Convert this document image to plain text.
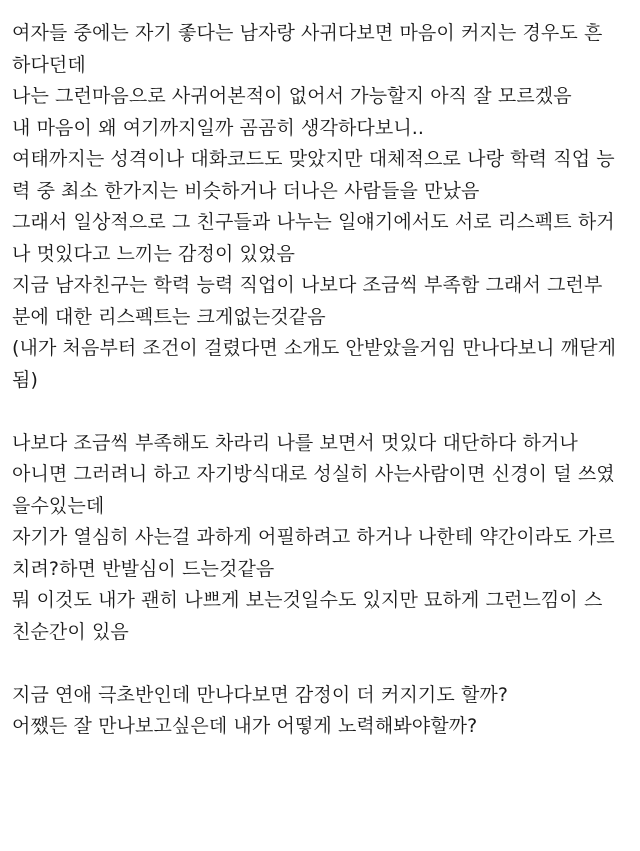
여자들 중에는 자기 좋다는 남자랑 사귀다보면 마음이 커지는 경우도 흔
하다던데
나는 그런마음으로 사귀어본적이 없어서 가능할지 아직 잘 모르겠음
내 마음이 왜 여기까지일까 곰곰히 생각하다보니..
여태까지는 성격이나 대화코드도 맞았지만 대체적으로 나랑 학력 직업 능
력 중 최소 한가지는 비슷하거나 더나은 사람들을 만났음
그래서 일상적으로 그 친구들과 나누는 일얘기에서도 서로 리스펙트 하거
나 멋있다고 느끼는 감정이 있었음
지금 남자친구는 학력 능력 직업이 나보다 조금씩 부족함 그래서 그런부
분에 대한 리스펙트는 크게없는것같음
(내가 처음부터 조건이 걸렸다면 소개도 안받았을거임 만나다보니 깨닫게
됨)
나보다 조금씩 부족해도 차라리 나를 보면서 멋있다 대단하다 하거나
아니면 그러려니 하고 자기방식대로 성실히 사는사람이면 신경이 덜 쓰였
을수있는데
자기가 열심히 사는걸 과하게 어필하려고 하거나 나한테 약간이라도 가르
치려?하면 반발심이 드는것같음
뭐 이것도 내가 괜히 나쁘게 보는것일수도 있지만 묘하게 그런느낌이 스
친순간이 있음
지금 연애 극초반인데 만나다보면 감정이 더 커지기도 할까?
어쨌든 잘 만나보고싶은데 내가 어떻게 노력해봐야할까?
